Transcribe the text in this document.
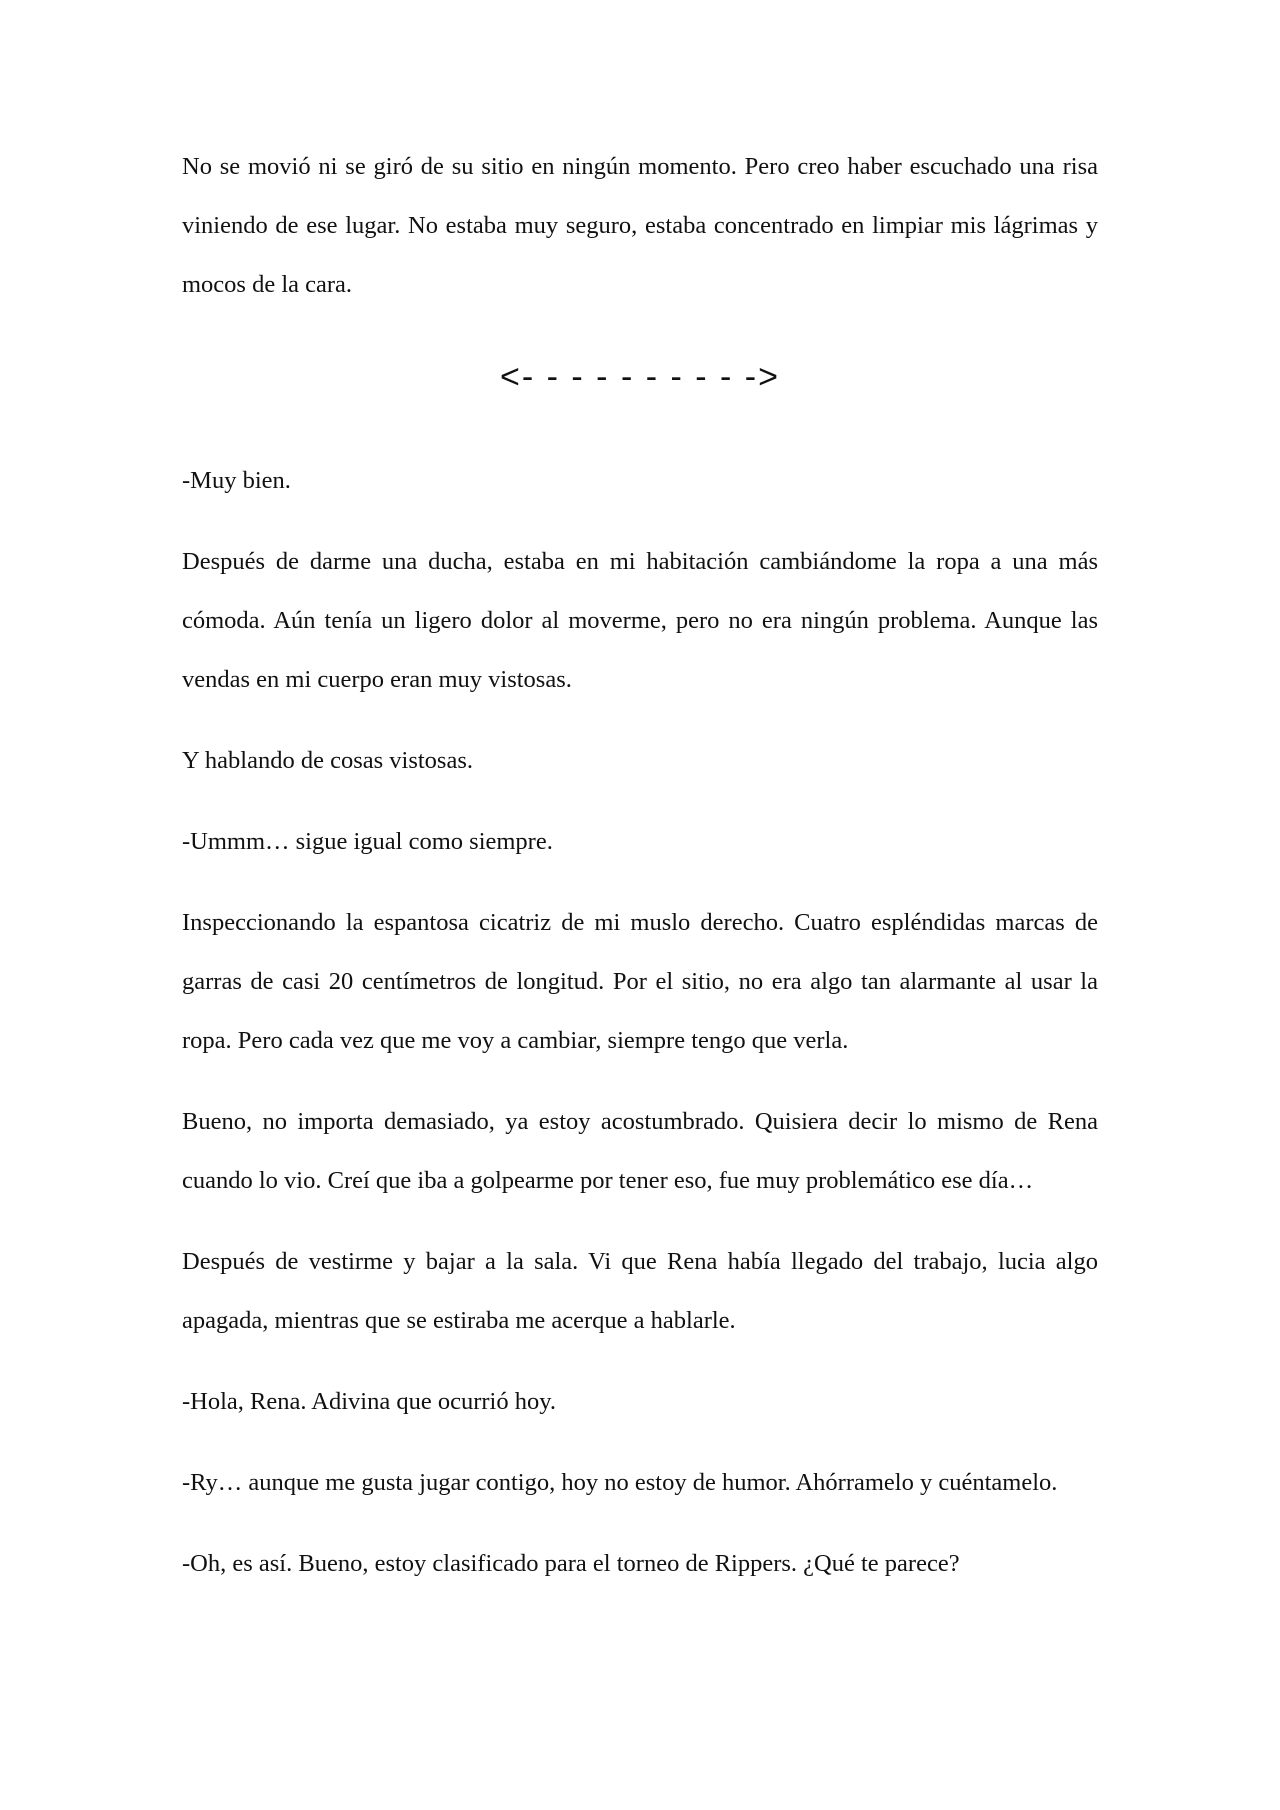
No se movió ni se giró de su sitio en ningún momento. Pero creo haber escuchado una risa viniendo de ese lugar. No estaba muy seguro, estaba concentrado en limpiar mis lágrimas y mocos de la cara.

<- - - - - - - - - ->

-Muy bien.

Después de darme una ducha, estaba en mi habitación cambiándome la ropa a una más cómoda. Aún tenía un ligero dolor al moverme, pero no era ningún problema. Aunque las vendas en mi cuerpo eran muy vistosas.

Y hablando de cosas vistosas.

-Ummm… sigue igual como siempre.

Inspeccionando la espantosa cicatriz de mi muslo derecho. Cuatro espléndidas marcas de garras de casi 20 centímetros de longitud. Por el sitio, no era algo tan alarmante al usar la ropa. Pero cada vez que me voy a cambiar, siempre tengo que verla.

Bueno, no importa demasiado, ya estoy acostumbrado. Quisiera decir lo mismo de Rena cuando lo vio. Creí que iba a golpearme por tener eso, fue muy problemático ese día…

Después de vestirme y bajar a la sala. Vi que Rena había llegado del trabajo, lucia algo apagada, mientras que se estiraba me acerque a hablarle.

-Hola, Rena. Adivina que ocurrió hoy.

-Ry… aunque me gusta jugar contigo, hoy no estoy de humor. Ahórramelo y cuéntamelo.

-Oh, es así. Bueno, estoy clasificado para el torneo de Rippers. ¿Qué te parece?
